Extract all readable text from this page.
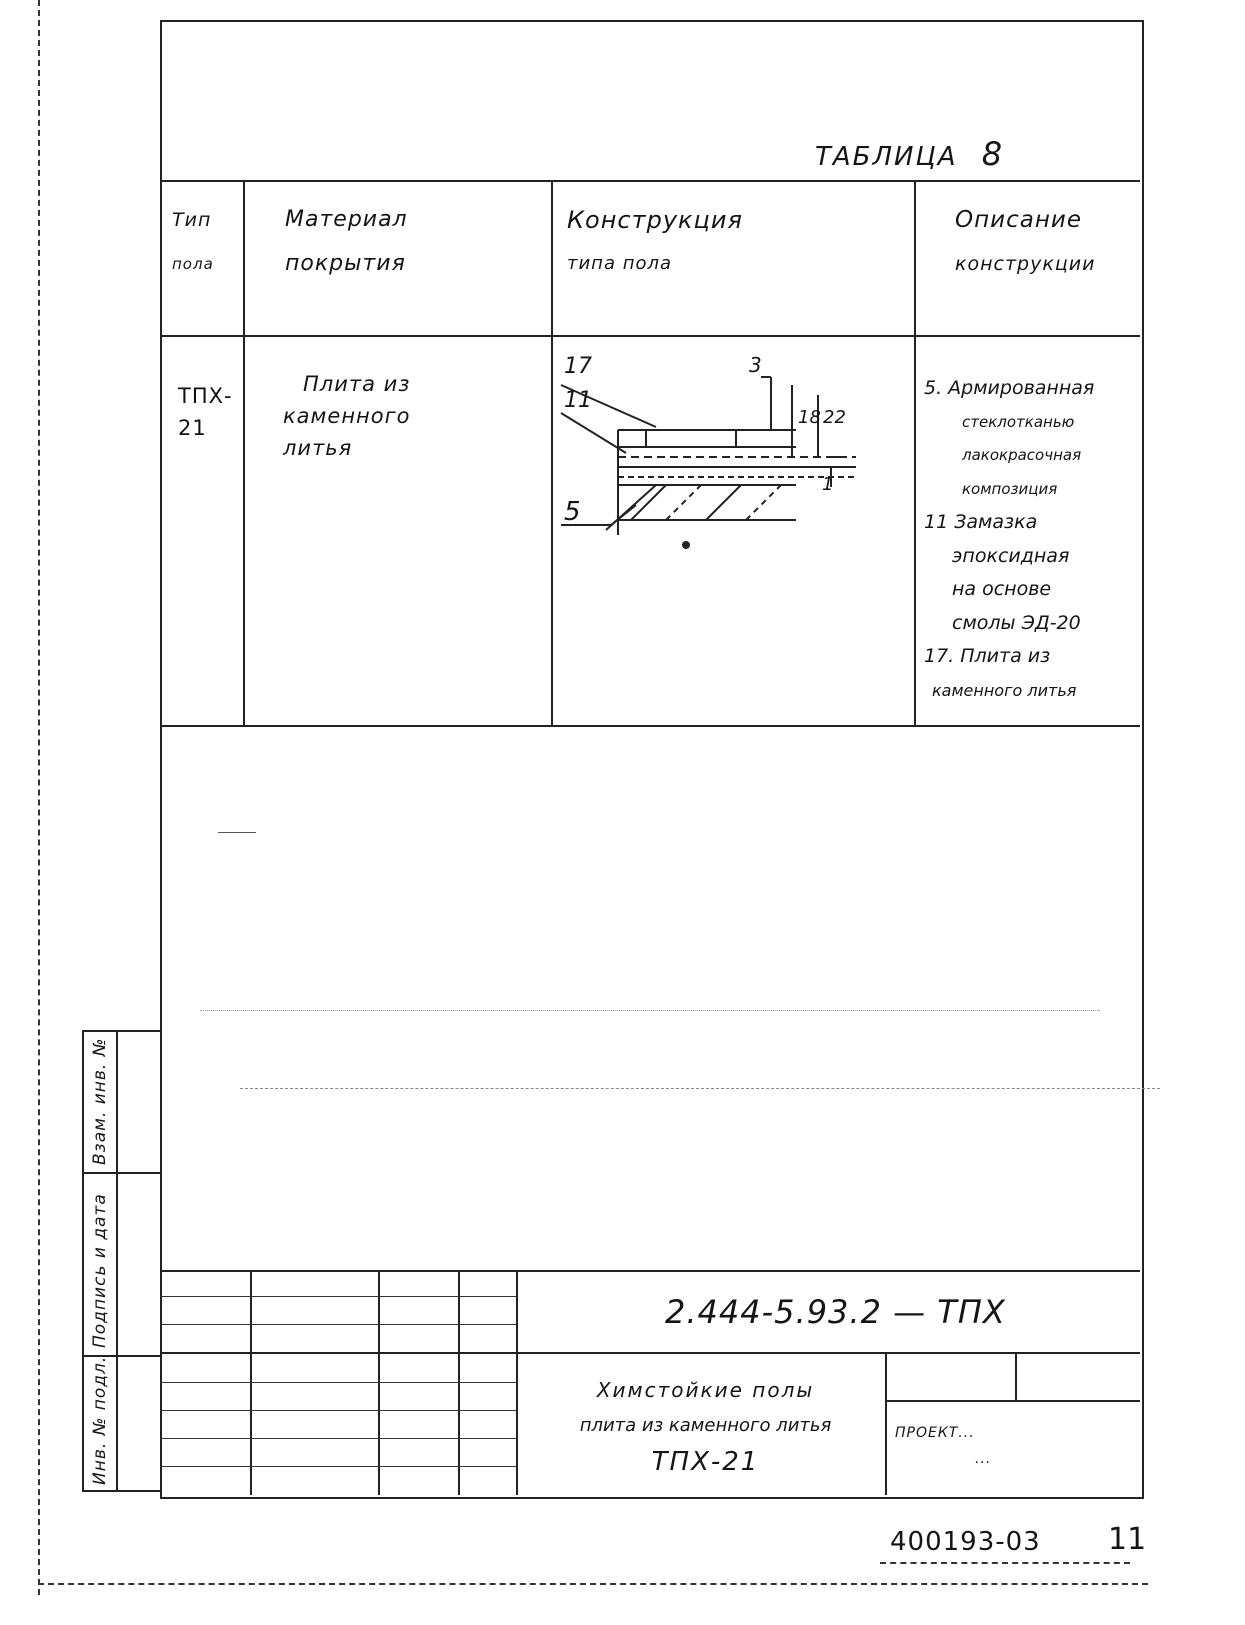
ТАБЛИЦА 8
Тип
пола
Материал
покрытия
Конструкция
типа пола
Описание
конструкции
ТПХ-
21
Плита из
каменного
литья
17
11
5
3
18 22
1
5. Армированная
стеклотканью
лакокрасочная
композиция
11 Замазка
эпоксидная
на основе
смолы ЭД-20
17. Плита из
каменного литья
Взам. инв. №
Подпись и дата
Инв. № подл.
2.444-5.93.2 — ТПХ
Химстойкие полы
плита из каменного литья
ТПХ-21
ПРОЕКТ...
...
400193-03 11
